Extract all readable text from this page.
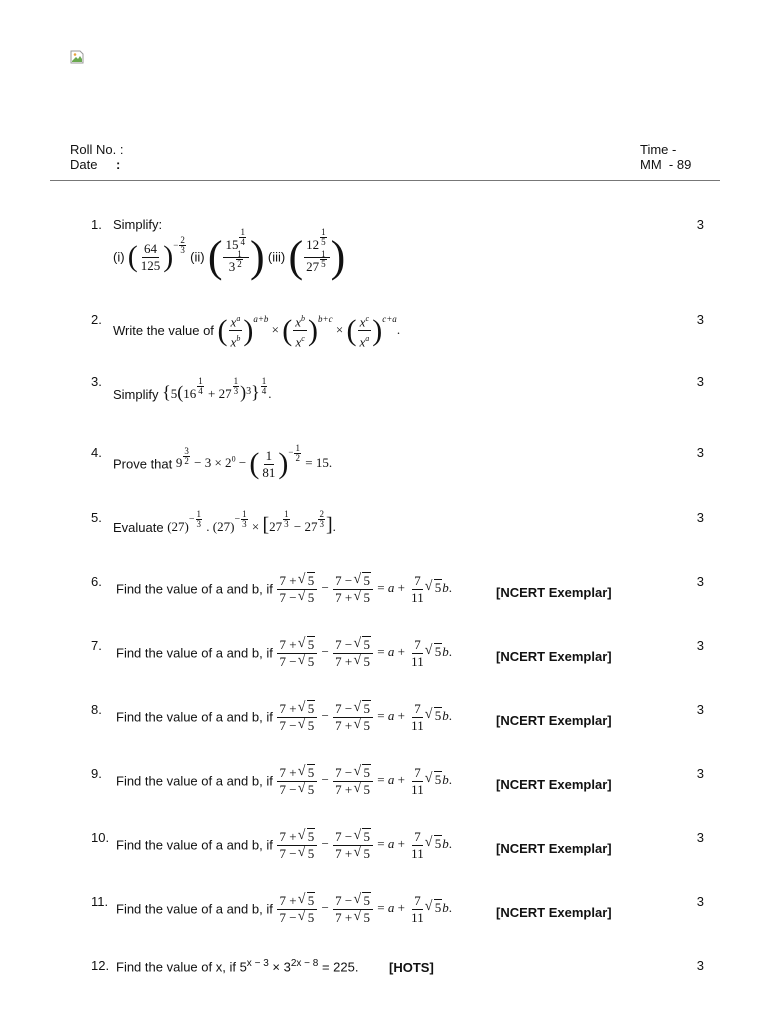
Roll No.
:
Date	:
Time -
MM - 89
1. Simplify:	3
(i) ( $\frac{64}{125} )^{- \frac{2}{3}}$
(ii) ( 15 $^{\frac{1}{4}}$
3 $^{\frac{1}{2}}$ ) (iii) ( 12 $^{\frac{1}{5}}$
27 $^{\frac{1}{5}}$ )
2.	3
Write the value of ( $\frac{x^a}{x^b} )^{a+b}$ × ( $\frac{x^b}{x^c} )^{b+c}$ × ( $\frac{x^c}{x^a} )^{c+a}$.
3.	3
Simplify {5(16 $^{\frac{1}{4}}$ + 27 $^{\frac{1}{3}}$ )$^3$} $^{\frac{1}{4}}$ .
4.	3
Prove that 9 $^{\frac{3}{2}} - 3 \times 2^0$ − ( $\frac{1}{81} )^{- \frac{1}{2}}$
= 15.
5.	3
Evaluate $(27)^{- \frac{1}{3}}$ . $(27)^{- \frac{1}{3}} \times [27$ $^{\frac{1}{3}}$ − 27 $^{\frac{2}{3}}$ ].
6.	3
Find the value of a and b, if $\frac{7 + √ 5}{7 - √ 5} - \frac{7 - √ 5}{7 + √ 5} = a + \frac{7}{11}$ √ 5b.	[NCERT Exemplar]
7.	3
Find the value of a and b, if $\frac{7 + √ 5}{7 - √ 5} - \frac{7 - √ 5}{7 + √ 5} = a + \frac{7}{11}$ √ 5b.	[NCERT Exemplar]
8.	3
Find the value of a and b, if $\frac{7 + √ 5}{7 - √ 5} - \frac{7 - √ 5}{7 + √ 5} = a + \frac{7}{11}$ √ 5b.	[NCERT Exemplar]
9.	3
Find the value of a and b, if $\frac{7 + √ 5}{7 - √ 5} - \frac{7 - √ 5}{7 + √ 5} = a + \frac{7}{11}$ √ 5b.	[NCERT Exemplar]
10.	3
Find the value of a and b, if $\frac{7 + √ 5}{7 - √ 5} - \frac{7 - √ 5}{7 + √ 5} = a + \frac{7}{11}$ √ 5b.	[NCERT Exemplar]
11.	3
Find the value of a and b, if $\frac{7 + √ 5}{7 - √ 5} - \frac{7 - √ 5}{7 + √ 5} = a + \frac{7}{11}$ √ 5b.	[NCERT Exemplar]
12.	3
Find the value of x, if $5^{x - 3} \times 3^{2x - 8} = 225$. [HOTS]
